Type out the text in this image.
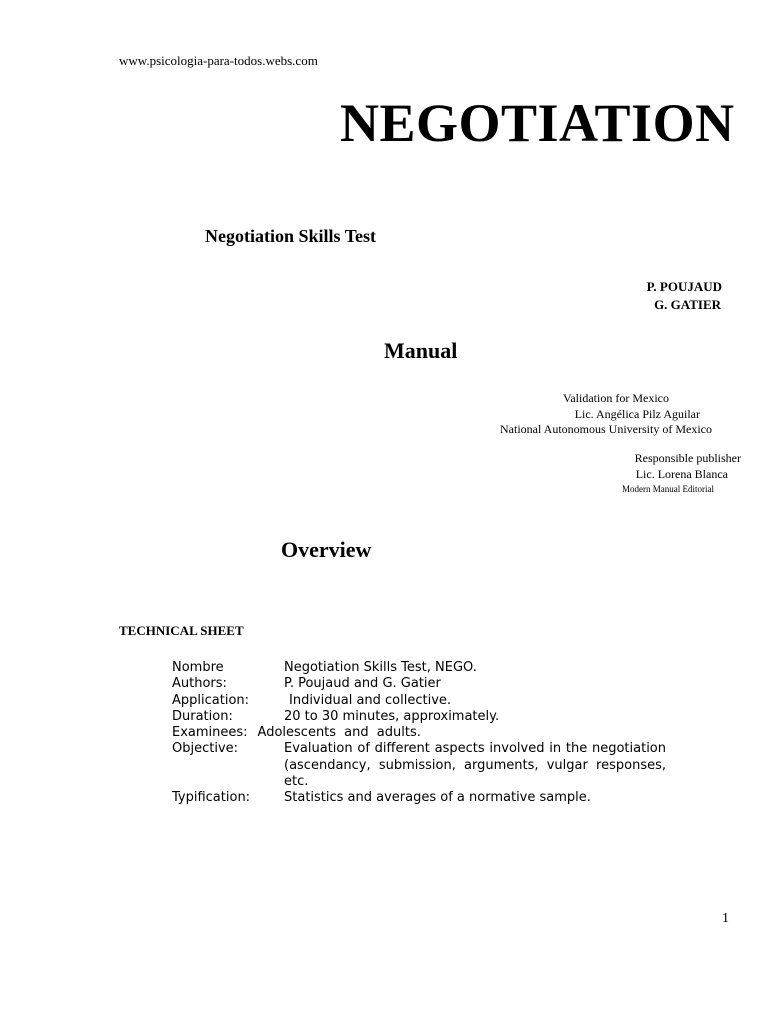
www.psicologia-para-todos.webs.com
NEGOTIATION
Negotiation Skills Test
P. POUJAUD
G. GATIER
Manual
Validation for Mexico
Lic. Angélica Pilz Aguilar
National Autonomous University of Mexico
Responsible publisher
Lic. Lorena Blanca
Modern Manual Editorial
Overview
TECHNICAL SHEET
Nombre	Negotiation Skills Test, NEGO.
Authors:	P. Poujaud and G. Gatier
Application:	Individual and collective.
Duration:	20 to 30 minutes, approximately.
Examinees: Adolescents and adults.
Objective:	Evaluation of different aspects involved in the negotiation (ascendancy, submission, arguments, vulgar responses, etc.
Typification:	Statistics and averages of a normative sample.
1
